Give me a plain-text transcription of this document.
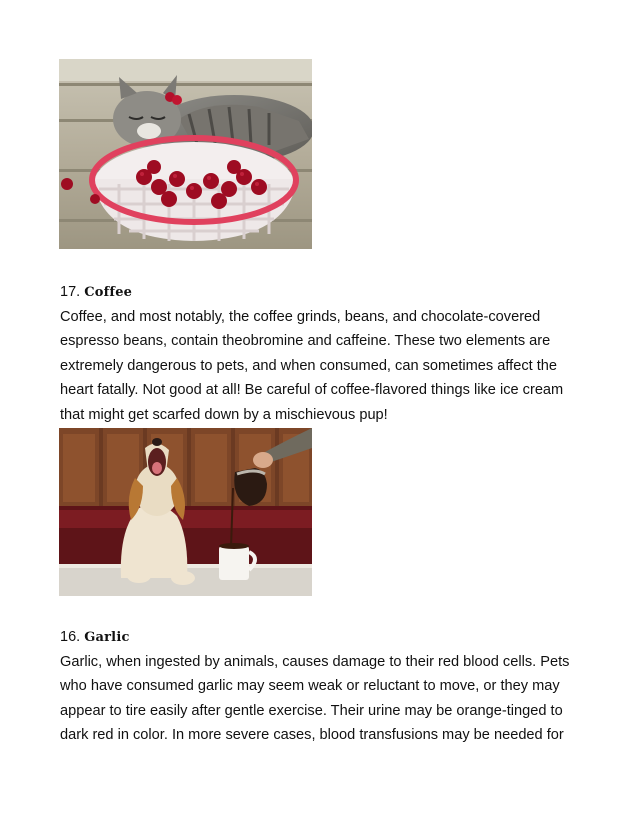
17. Coffee
Coffee, and most notably, the coffee grinds, beans, and chocolate-covered
espresso beans, contain theobromine and caffeine. These two elements are
extremely dangerous to pets, and when consumed, can sometimes affect the
heart fatally. Not good at all! Be careful of coffee-flavored things like ice cream
that might get scarfed down by a mischievous pup!
16. Garlic
Garlic, when ingested by animals, causes damage to their red blood cells. Pets
who have consumed garlic may seem weak or reluctant to move, or they may
appear to tire easily after gentle exercise. Their urine may be orange-tinged to
dark red in color. In more severe cases, blood transfusions may be needed for
